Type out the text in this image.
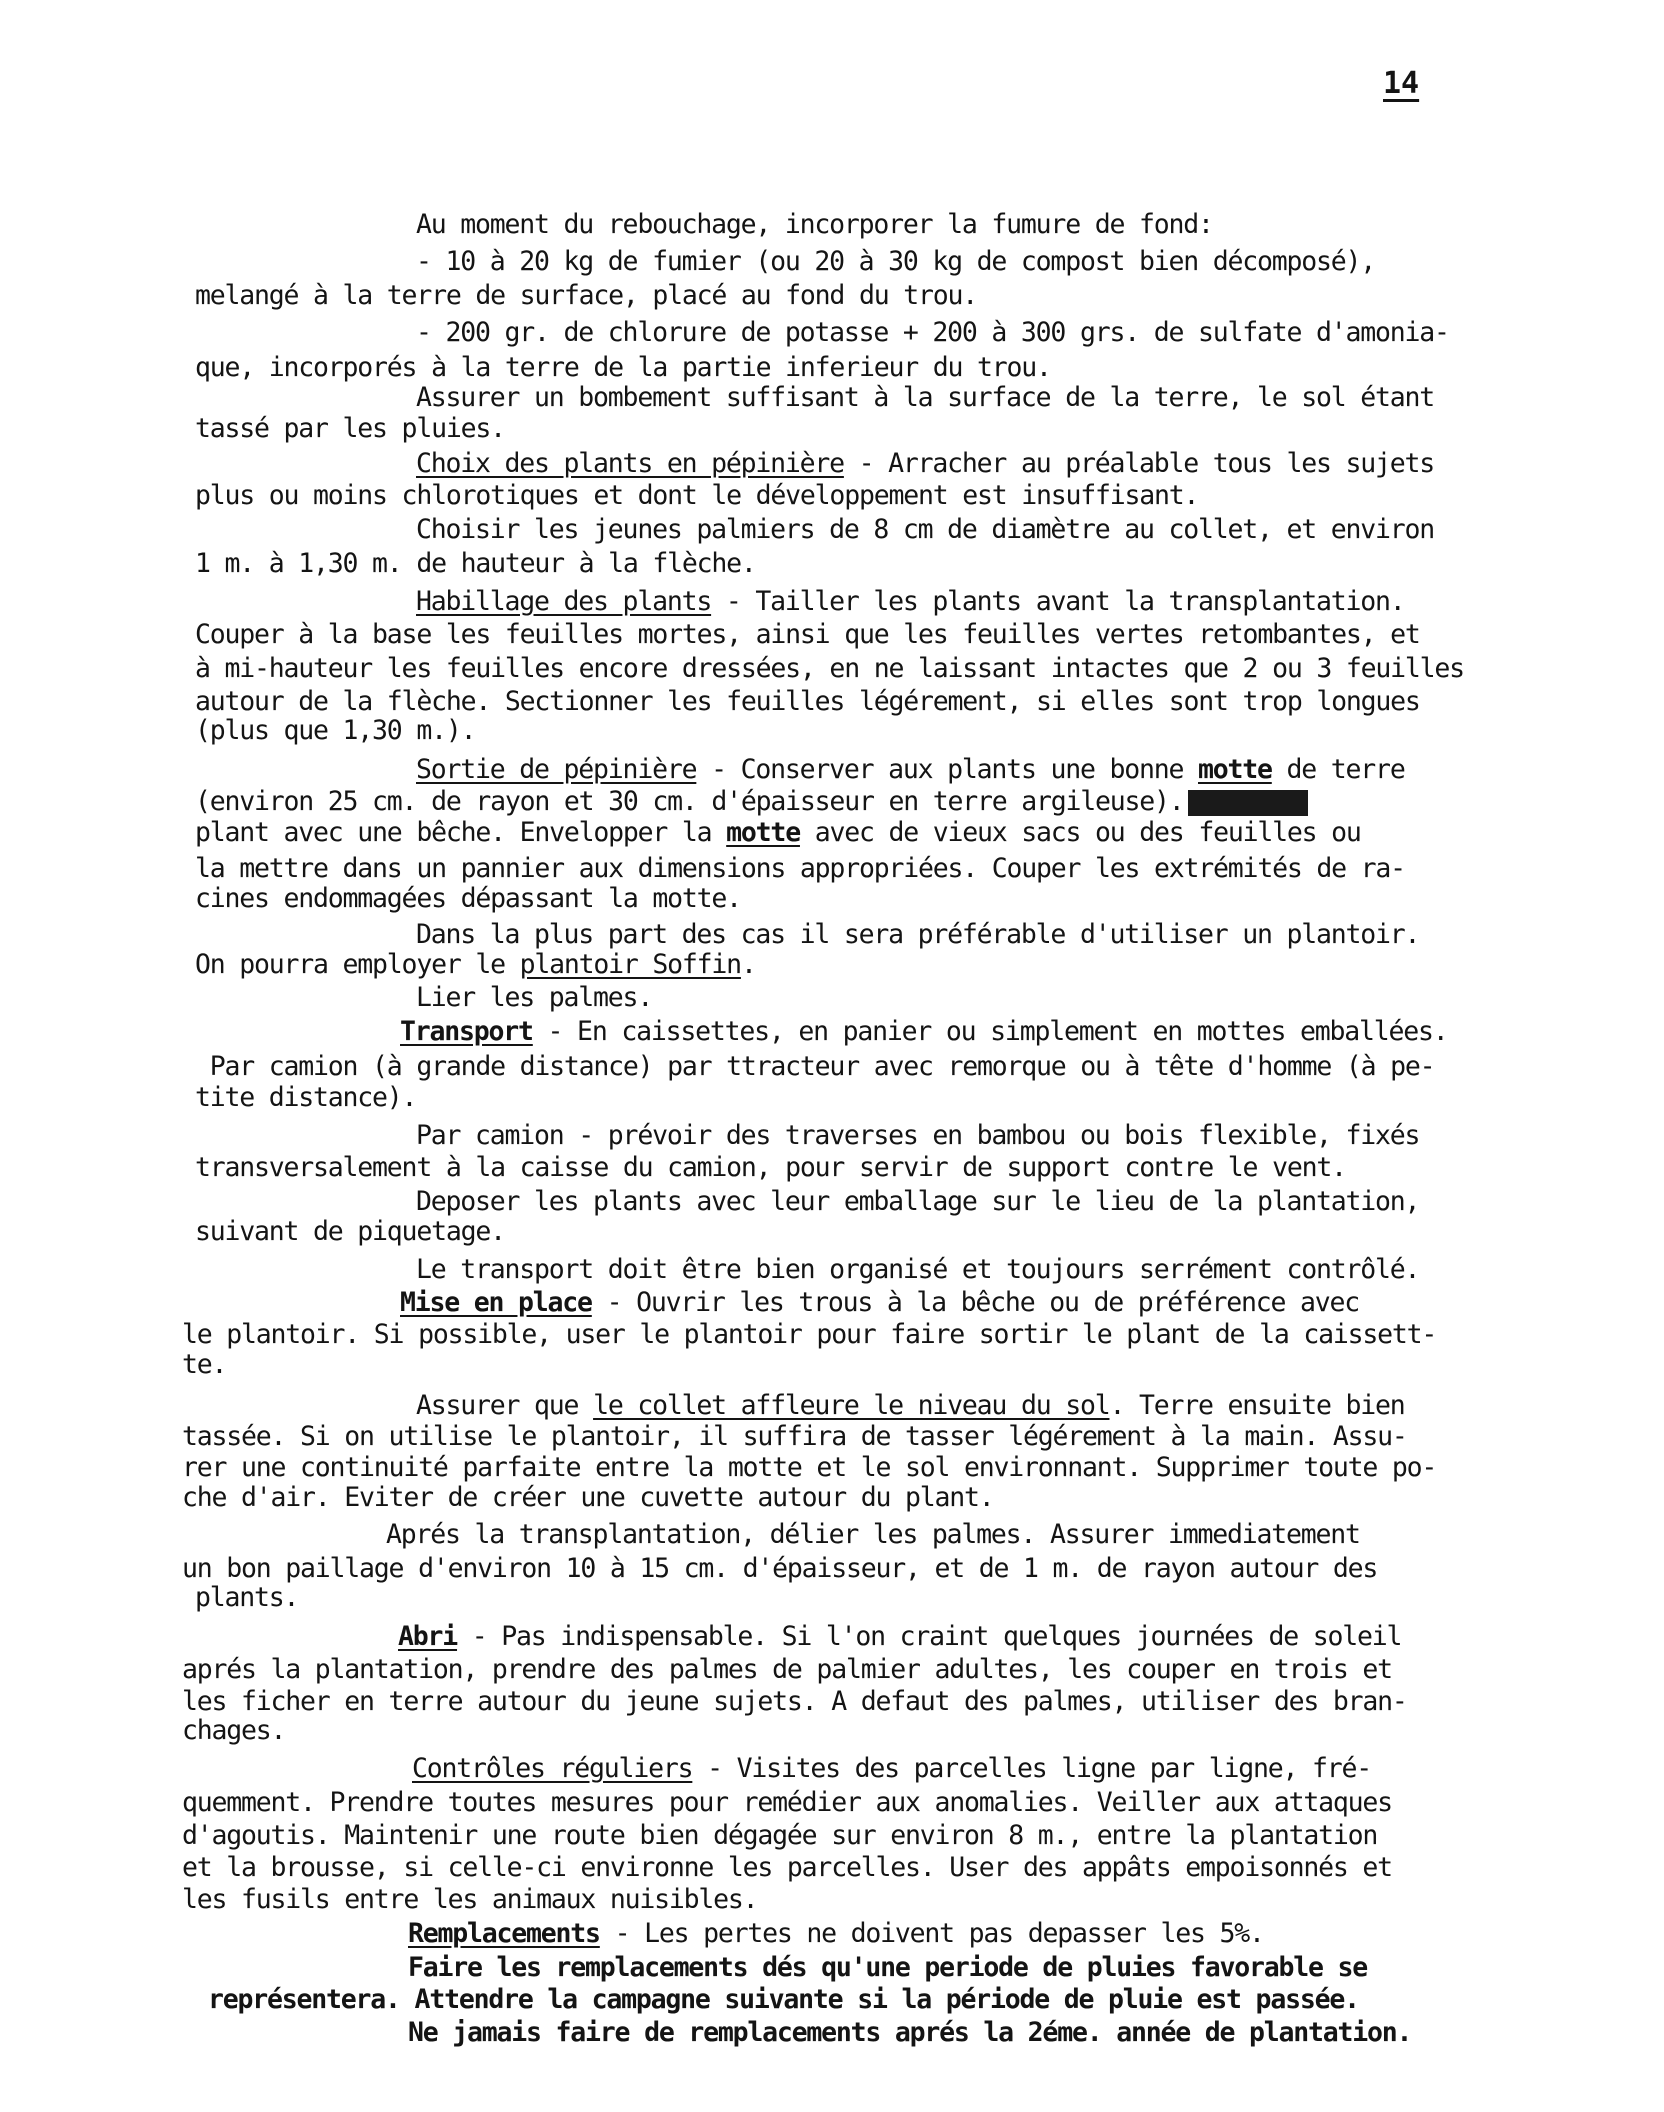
14

Au moment du rebouchage, incorporer la fumure de fond:

- 10 à 20 kg de fumier (ou 20 à 30 kg de compost bien décomposé),

melangé à la terre de surface, placé au fond du trou.

- 200 gr. de chlorure de potasse + 200 à 300 grs. de sulfate d'amonia-

que, incorporés à la terre de la partie inferieur du trou.

Assurer un bombement suffisant à la surface de la terre, le sol étant

tassé par les pluies.

Choix des plants en pépinière - Arracher au préalable tous les sujets

plus ou moins chlorotiques et dont le développement est insuffisant.

Choisir les jeunes palmiers de 8 cm de diamètre au collet, et environ

1 m. à 1,30 m. de hauteur à la flèche.

Habillage des plants - Tailler les plants avant la transplantation.

Couper à la base les feuilles mortes, ainsi que les feuilles vertes retombantes, et

à mi-hauteur les feuilles encore dressées, en ne laissant intactes que 2 ou 3 feuilles

autour de la flèche. Sectionner les feuilles légérement, si elles sont trop longues

(plus que 1,30 m.).

Sortie de pépinière - Conserver aux plants une bonne motte de terre

(environ 25 cm. de rayon et 30 cm. d'épaisseur en terre argileuse).

plant avec une bêche. Envelopper la motte avec de vieux sacs ou des feuilles ou

la mettre dans un pannier aux dimensions appropriées. Couper les extrémités de ra-

cines endommagées dépassant la motte.

Dans la plus part des cas il sera préférable d'utiliser un plantoir.

On pourra employer le plantoir Soffin.

Lier les palmes.

Transport - En caissettes, en panier ou simplement en mottes emballées.

Par camion (à grande distance) par ttracteur avec remorque ou à tête d'homme (à pe-

tite distance).

Par camion - prévoir des traverses en bambou ou bois flexible, fixés

transversalement à la caisse du camion, pour servir de support contre le vent.

Deposer les plants avec leur emballage sur le lieu de la plantation,

suivant de piquetage.

Le transport doit être bien organisé et toujours serrément contrôlé.

Mise en place - Ouvrir les trous à la bêche ou de préférence avec

le plantoir. Si possible, user le plantoir pour faire sortir le plant de la caissett-

te.

Assurer que le collet affleure le niveau du sol. Terre ensuite bien

tassée. Si on utilise le plantoir, il suffira de tasser légérement à la main. Assu-

rer une continuité parfaite entre la motte et le sol environnant. Supprimer toute po-

che d'air. Eviter de créer une cuvette autour du plant.

Aprés la transplantation, délier les palmes. Assurer immediatement

un bon paillage d'environ 10 à 15 cm. d'épaisseur, et de 1 m. de rayon autour des

plants.

Abri - Pas indispensable. Si l'on craint quelques journées de soleil

aprés la plantation, prendre des palmes de palmier adultes, les couper en trois et

les ficher en terre autour du jeune sujets. A defaut des palmes, utiliser des bran-

chages.

Contrôles réguliers - Visites des parcelles ligne par ligne, fré-

quemment. Prendre toutes mesures pour remédier aux anomalies. Veiller aux attaques

d'agoutis. Maintenir une route bien dégagée sur environ 8 m., entre la plantation

et la brousse, si celle-ci environne les parcelles. User des appâts empoisonnés et

les fusils entre les animaux nuisibles.

Remplacements - Les pertes ne doivent pas depasser les 5%.

Faire les remplacements dés qu'une periode de pluies favorable se

représentera. Attendre la campagne suivante si la période de pluie est passée.

Ne jamais faire de remplacements aprés la 2éme. année de plantation.
